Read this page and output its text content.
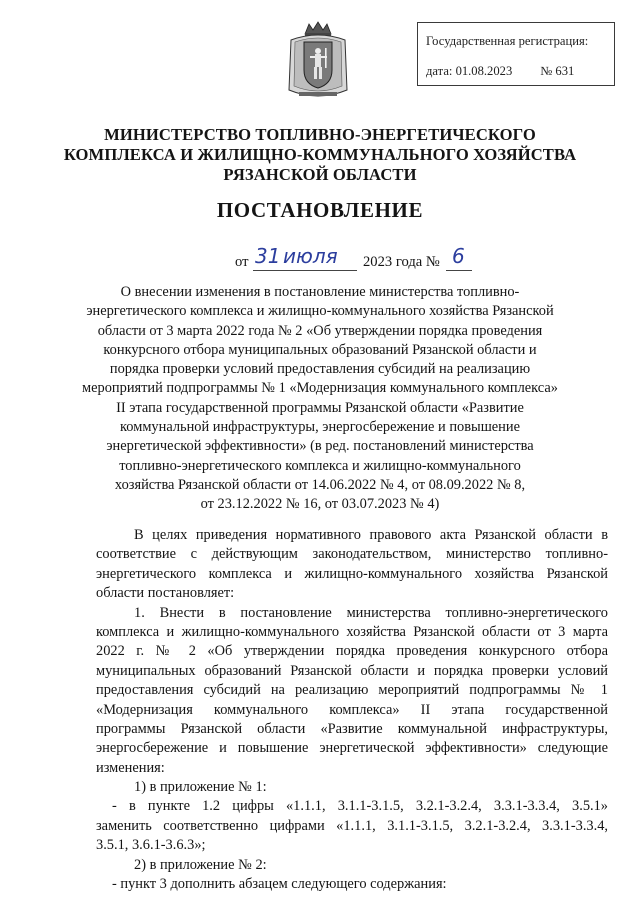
Государственная регистрация:
дата: 01.08.2023 № 631
МИНИСТЕРСТВО ТОПЛИВНО-ЭНЕРГЕТИЧЕСКОГО
КОМПЛЕКСА И ЖИЛИЩНО-КОММУНАЛЬНОГО ХОЗЯЙСТВА
РЯЗАНСКОЙ ОБЛАСТИ
ПОСТАНОВЛЕНИЕ
от 31 июля 2023 года № 6
О внесении изменения в постановление министерства топливно-
энергетического комплекса и жилищно-коммунального хозяйства Рязанской
области от 3 марта 2022 года № 2 «Об утверждении порядка проведения
конкурсного отбора муниципальных образований Рязанской области и
порядка проверки условий предоставления субсидий на реализацию
мероприятий подпрограммы № 1 «Модернизация коммунального комплекса»
II этапа государственной программы Рязанской области «Развитие
коммунальной инфраструктуры, энергосбережение и повышение
энергетической эффективности» (в ред. постановлений министерства
топливно-энергетического комплекса и жилищно-коммунального
хозяйства Рязанской области от 14.06.2022 № 4, от 08.09.2022 № 8,
от 23.12.2022 № 16, от 03.07.2023 № 4)
В целях приведения нормативного правового акта Рязанской области в
соответствие с действующим законодательством, министерство топливно-
энергетического комплекса и жилищно-коммунального хозяйства Рязанской
области постановляет:
1. Внести в постановление министерства топливно-энергетического
комплекса и жилищно-коммунального хозяйства Рязанской области от 3 марта
2022 г. № 2 «Об утверждении порядка проведения конкурсного отбора
муниципальных образований Рязанской области и порядка проверки условий
предоставления субсидий на реализацию мероприятий подпрограммы № 1
«Модернизация коммунального комплекса» II этапа государственной
программы Рязанской области «Развитие коммунальной инфраструктуры,
энергосбережение и повышение энергетической эффективности» следующие
изменения:
1) в приложение № 1:
- в пункте 1.2 цифры «1.1.1, 3.1.1-3.1.5, 3.2.1-3.2.4, 3.3.1-3.3.4, 3.5.1»
заменить соответственно цифрами «1.1.1, 3.1.1-3.1.5, 3.2.1-3.2.4, 3.3.1-3.3.4,
3.5.1, 3.6.1-3.6.3»;
2) в приложение № 2:
- пункт 3 дополнить абзацем следующего содержания:
